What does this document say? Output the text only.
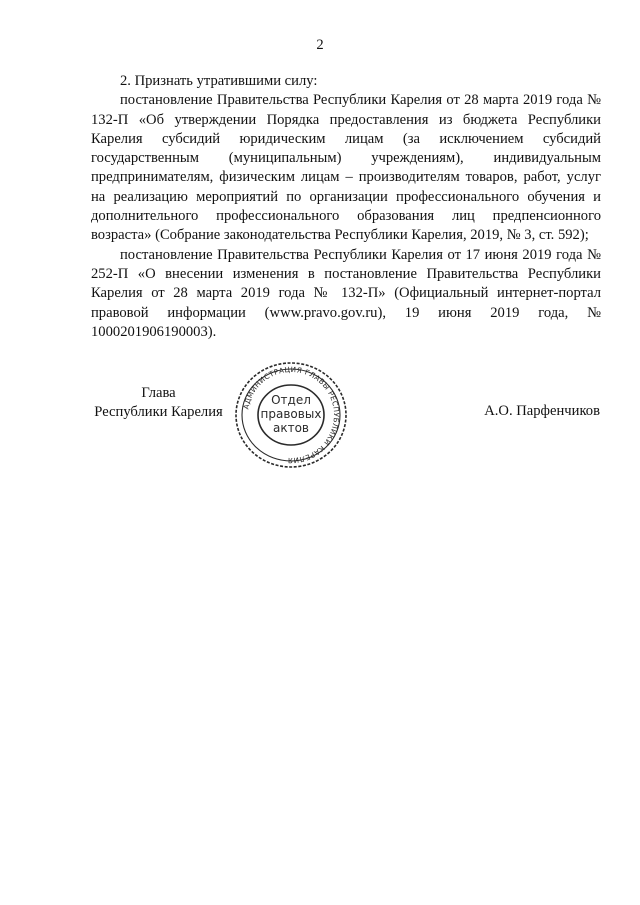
2

2. Признать утратившими силу:

постановление Правительства Республики Карелия от 28 марта 2019 года № 132-П «Об утверждении Порядка предоставления из бюджета Республики Карелия субсидий юридическим лицам (за исключением субсидий государственным (муниципальным) учреждениям), индивидуальным предпринимателям, физическим лицам – производителям товаров, работ, услуг на реализацию мероприятий по организации профессионального обучения и дополнительного профессионального образования лиц предпенсионного возраста» (Собрание законодательства Республики Карелия, 2019, № 3, ст. 592);

постановление Правительства Республики Карелия от 17 июня 2019 года № 252-П «О внесении изменения в постановление Правительства Республики Карелия от 28 марта 2019 года № 132-П» (Официальный интернет-портал правовой информации (www.pravo.gov.ru), 19 июня 2019 года, № 1000201906190003).

Глава
Республики Карелия	АДМИНИСТРАЦИЯ ГЛАВЫ РЕСПУБЛИКИ КАРЕЛИЯ
Отдел
правовых
актов
А.О. Парфенчиков
